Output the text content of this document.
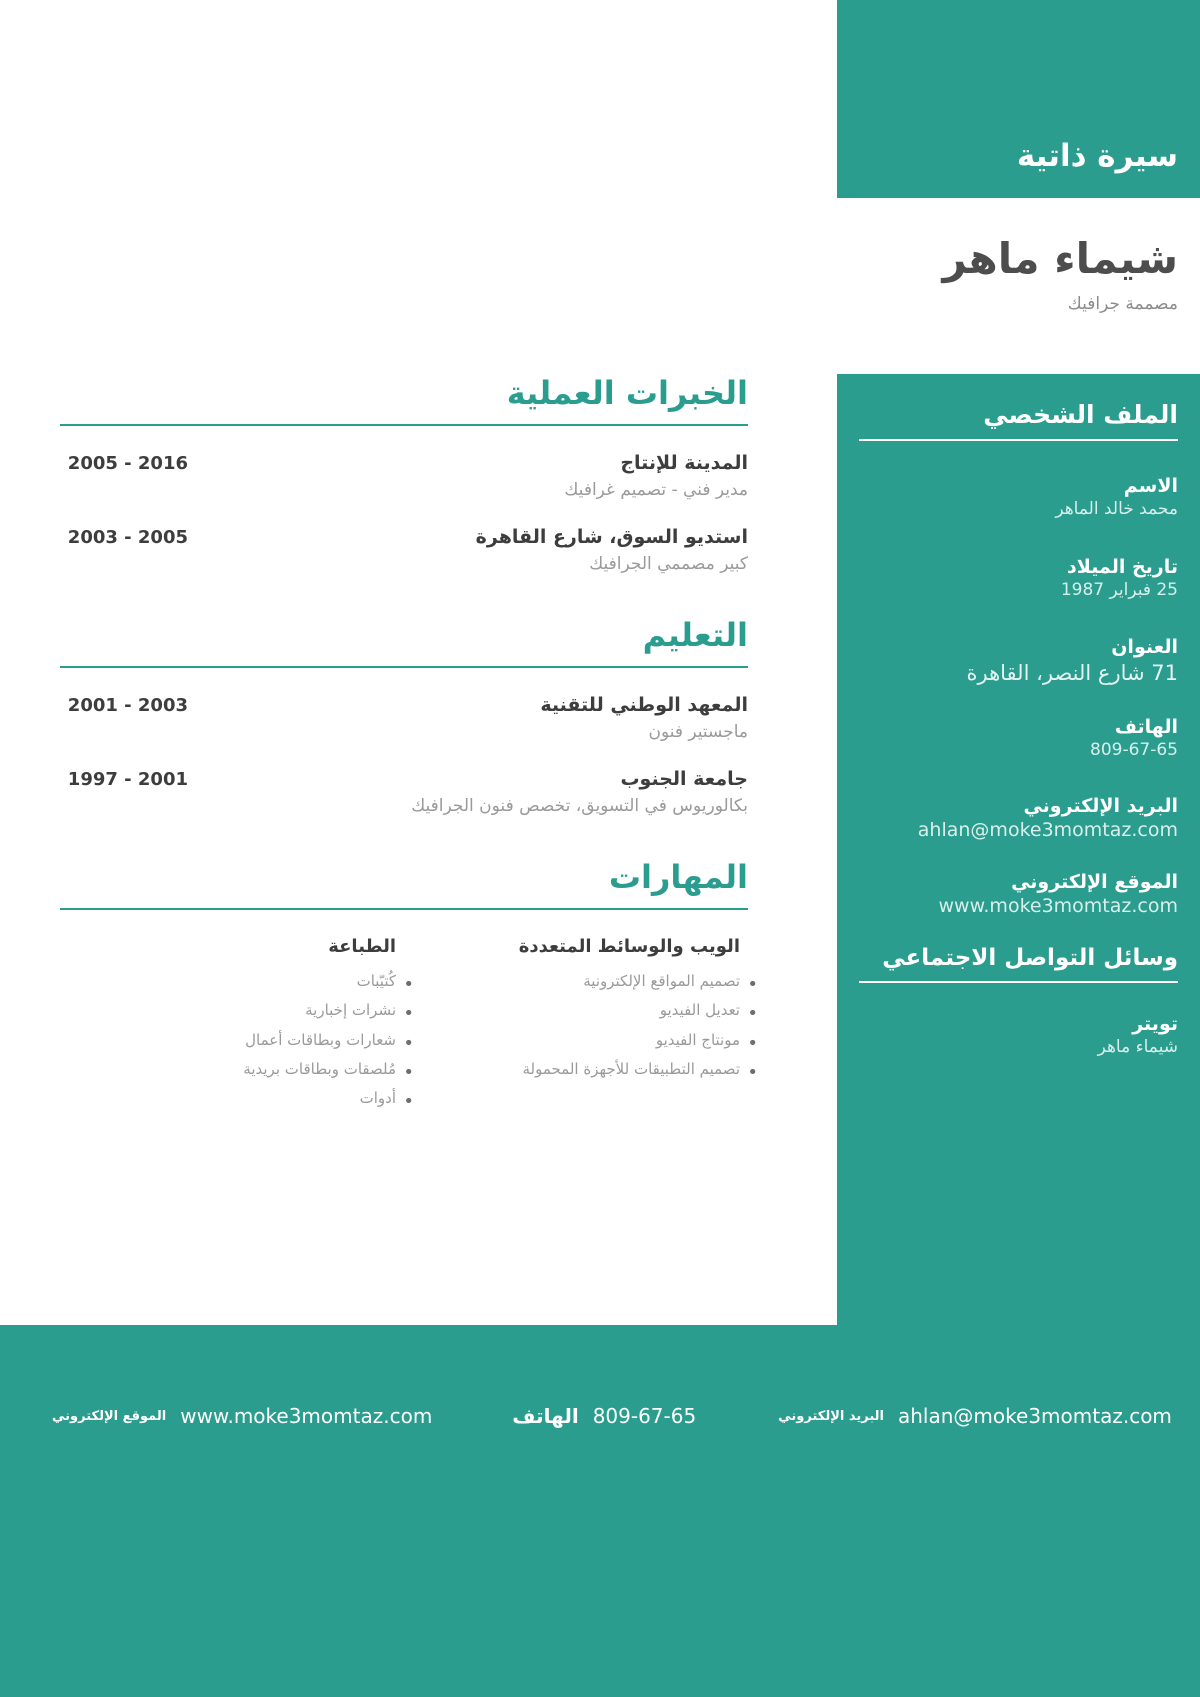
سيرة ذاتية
شيماء ماهر
مصممة جرافيك
الملف الشخصي
الاسم
محمد خالد الماهر
تاريخ الميلاد
25 فبراير 1987
العنوان
71 شارع النصر، القاهرة
الهاتف
809-67-65
البريد الإلكتروني
ahlan@moke3momtaz.com
الموقع الإلكتروني
www.moke3momtaz.com
وسائل التواصل الاجتماعي
تويتر
شيماء ماهر
الخبرات العملية
المدينة للإنتاج
مدير فني - تصميم غرافيك
2005 - 2016
استديو السوق، شارع القاهرة
كبير مصممي الجرافيك
2003 - 2005
التعليم
المعهد الوطني للتقنية
ماجستير فنون
2001 - 2003
جامعة الجنوب
بكالوريوس في التسويق، تخصص فنون الجرافيك
1997 - 2001
المهارات
الويب والوسائط المتعددة
• تصميم المواقع الإلكترونية
• تعديل الفيديو
• مونتاج الفيديو
• تصميم التطبيقات للأجهزة المحمولة
الطباعة
• كُتيّبات
• نشرات إخبارية
• شعارات وبطاقات أعمال
• مُلصقات وبطاقات بريدية
• أدوات
ahlan@moke3momtaz.com
البريد الإلكتروني
809-67-65
الهاتف
www.moke3momtaz.com
الموقع الإلكتروني
